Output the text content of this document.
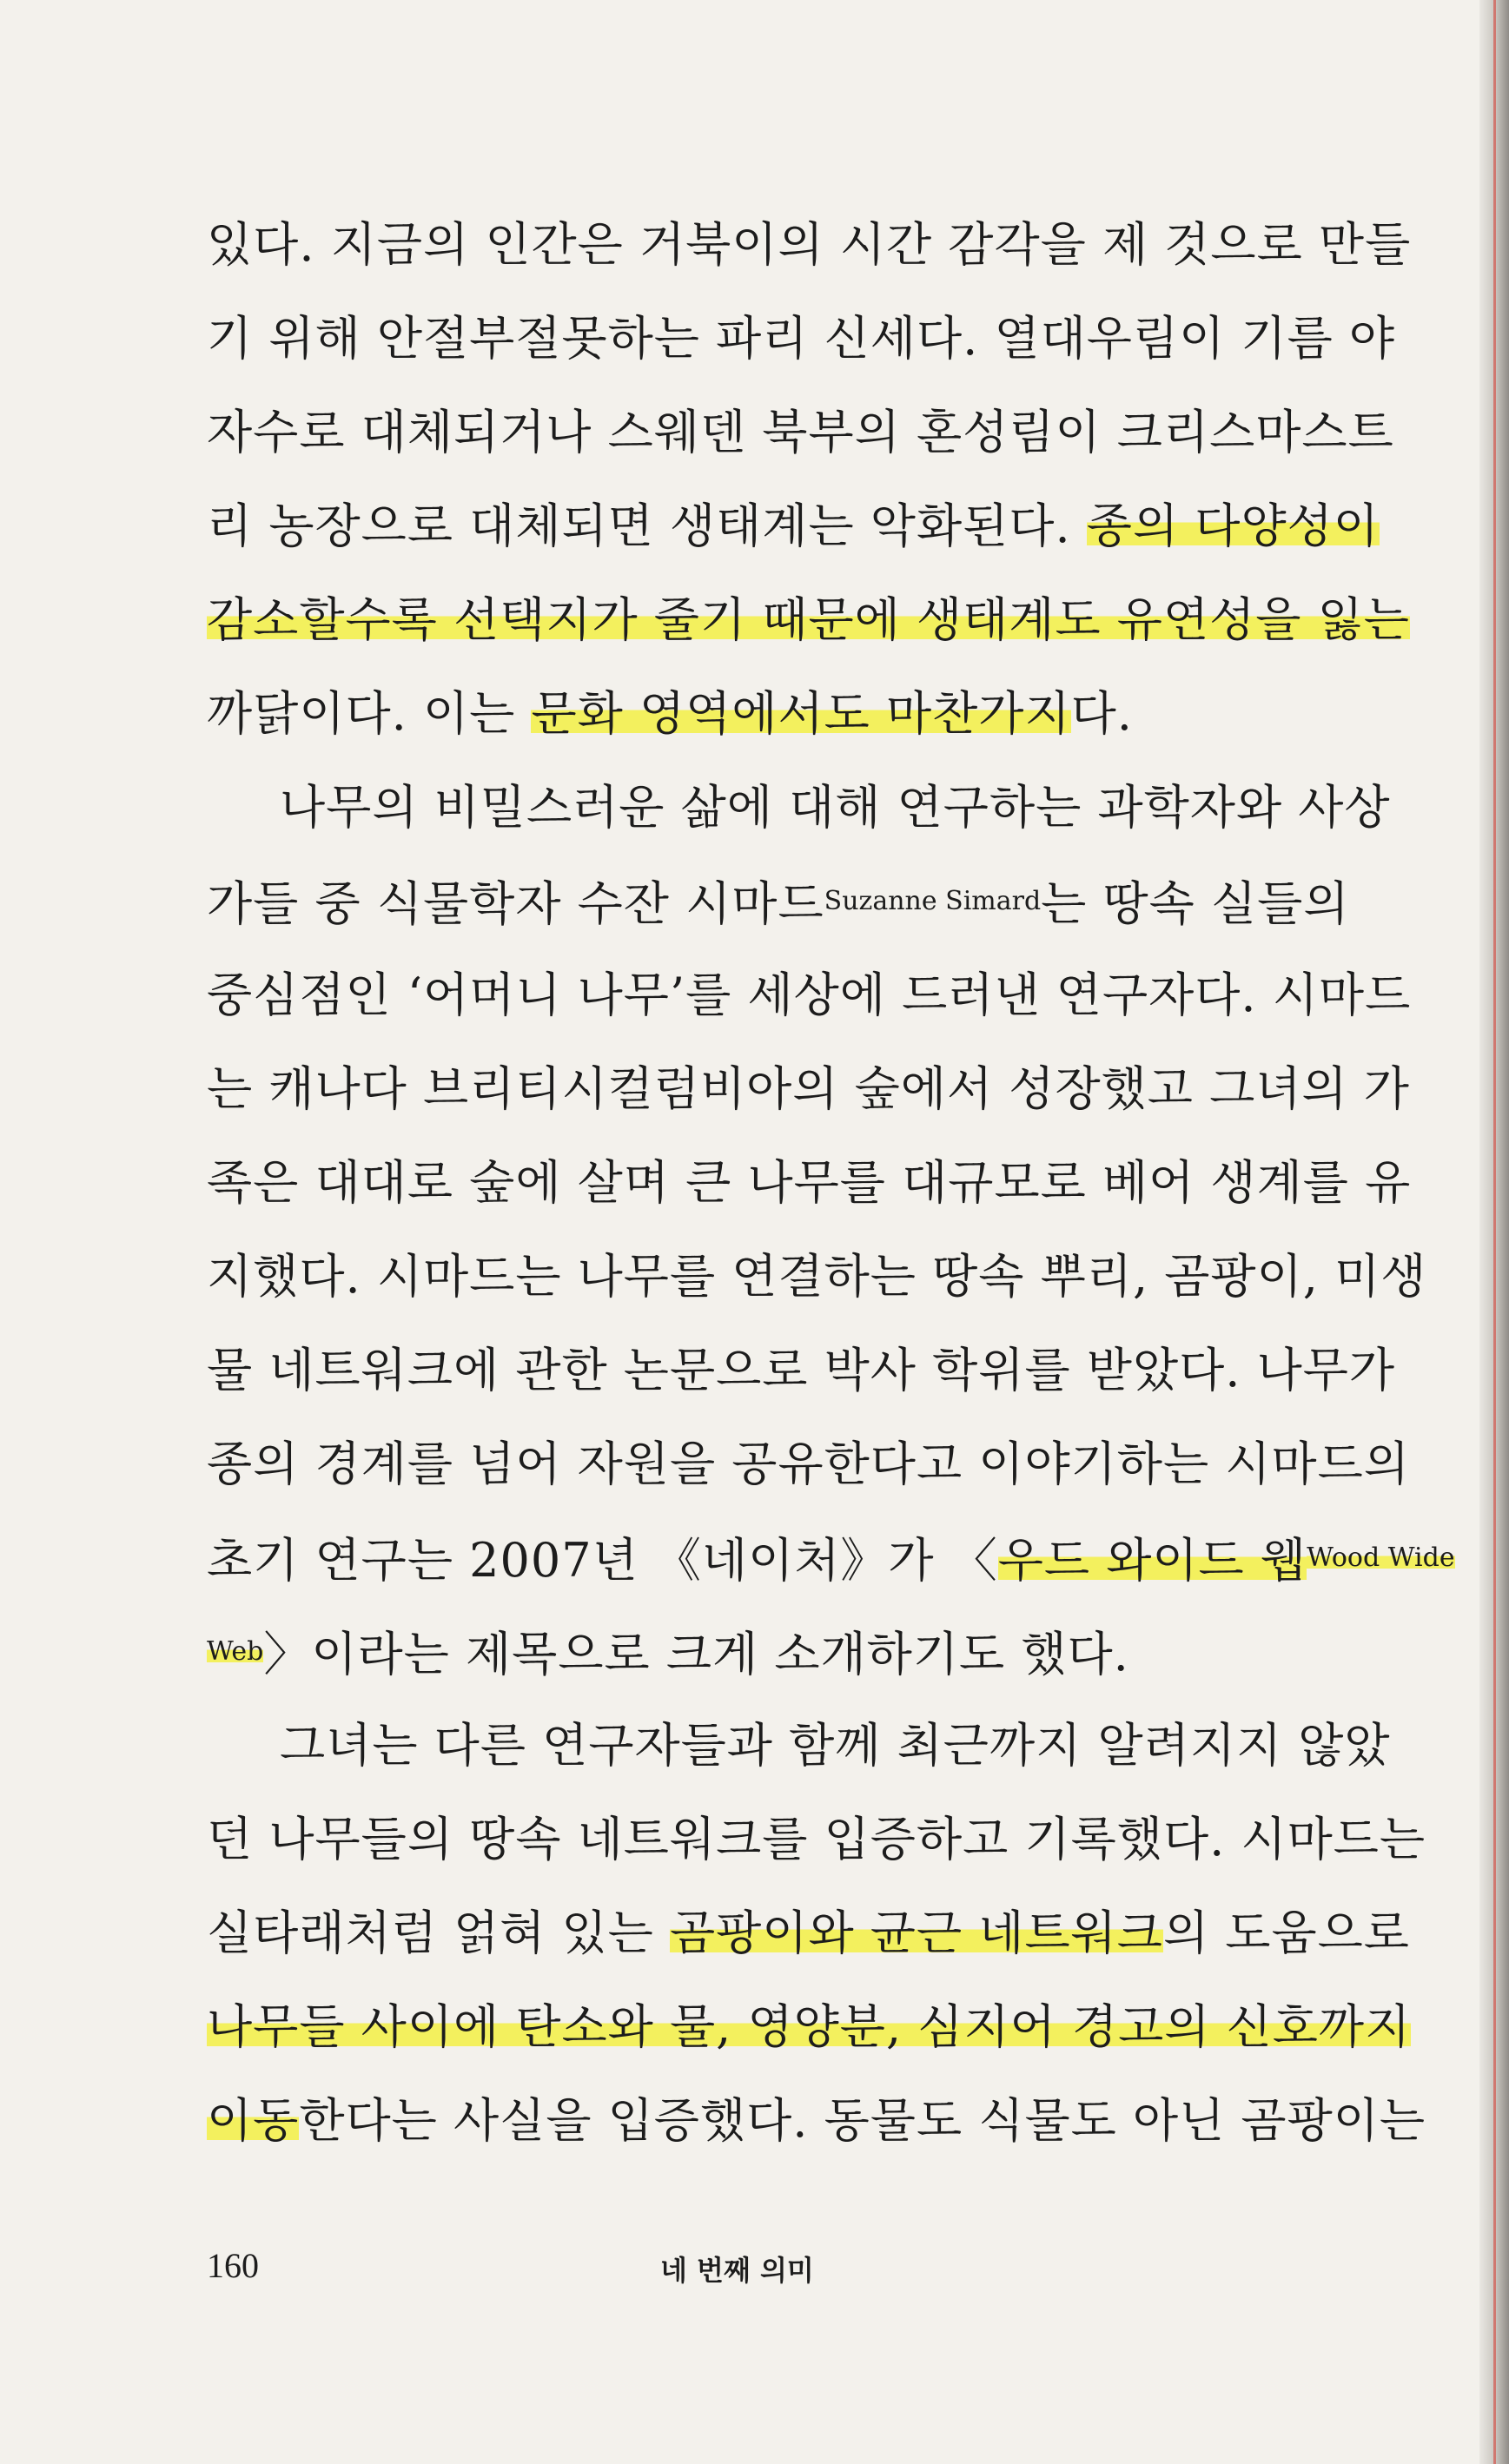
있다. 지금의 인간은 거북이의 시간 감각을 제 것으로 만들
기 위해 안절부절못하는 파리 신세다. 열대우림이 기름 야
자수로 대체되거나 스웨덴 북부의 혼성림이 크리스마스트
리 농장으로 대체되면 생태계는 악화된다. 종의 다양성이
감소할수록 선택지가 줄기 때문에 생태계도 유연성을 잃는
까닭이다. 이는 문화 영역에서도 마찬가지다.
나무의 비밀스러운 삶에 대해 연구하는 과학자와 사상
가들 중 식물학자 수잔 시마드$^{Suzanne Simard}$는 땅속 실들의
중심점인 ‘어머니 나무’를 세상에 드러낸 연구자다. 시마드
는 캐나다 브리티시컬럼비아의 숲에서 성장했고 그녀의 가
족은 대대로 숲에 살며 큰 나무를 대규모로 베어 생계를 유
지했다. 시마드는 나무를 연결하는 땅속 뿌리, 곰팡이, 미생
물 네트워크에 관한 논문으로 박사 학위를 받았다. 나무가
종의 경계를 넘어 자원을 공유한다고 이야기하는 시마드의
초기 연구는 2007년 《네이처》가 〈우드 와이드 웹$^{Wood Wide}$
$^{Web}$〉이라는 제목으로 크게 소개하기도 했다.
그녀는 다른 연구자들과 함께 최근까지 알려지지 않았
던 나무들의 땅속 네트워크를 입증하고 기록했다. 시마드는
실타래처럼 얽혀 있는 곰팡이와 균근 네트워크의 도움으로
나무들 사이에 탄소와 물, 영양분, 심지어 경고의 신호까지
이동한다는 사실을 입증했다. 동물도 식물도 아닌 곰팡이는
160	네 번째 의미
